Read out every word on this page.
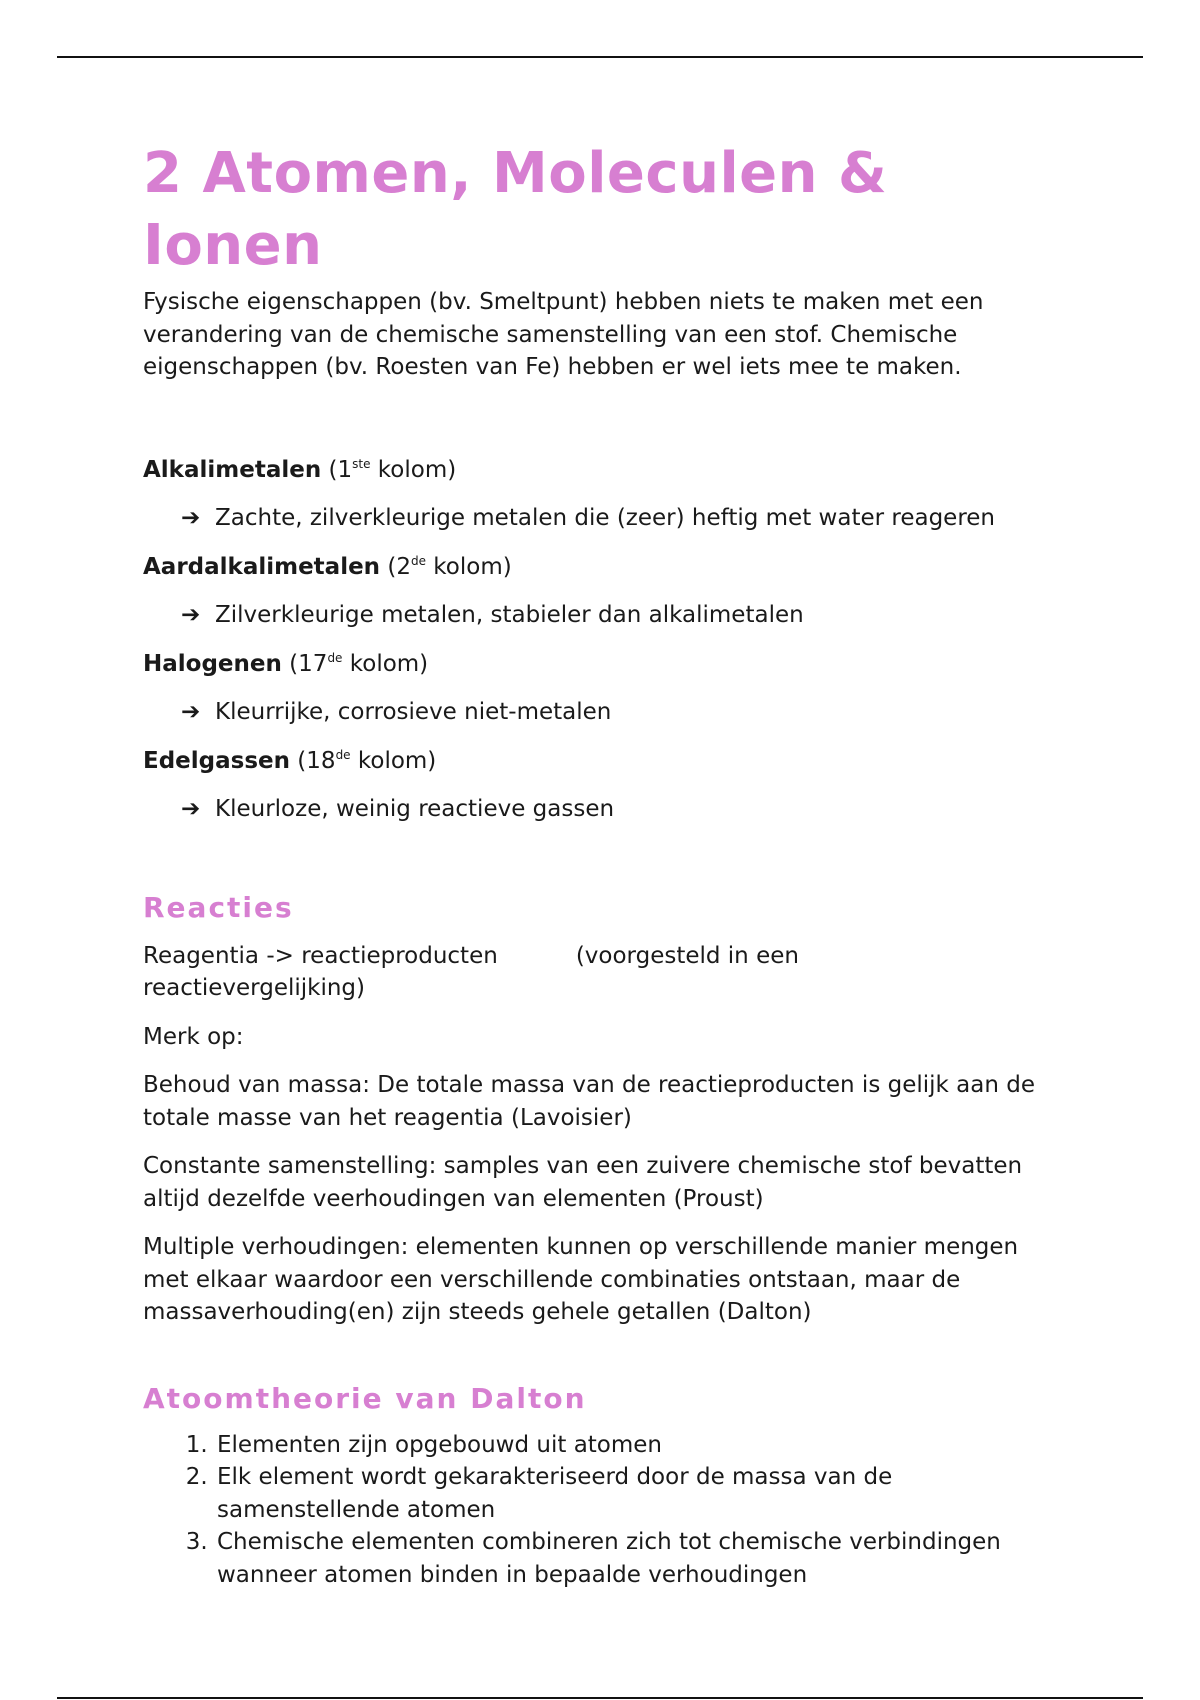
2 Atomen, Moleculen & Ionen

Fysische eigenschappen (bv. Smeltpunt) hebben niets te maken met een verandering van de chemische samenstelling van een stof. Chemische eigenschappen (bv. Roesten van Fe) hebben er wel iets mee te maken.

Alkalimetalen (1ste kolom)
➔ Zachte, zilverkleurige metalen die (zeer) heftig met water reageren
Aardalkalimetalen (2de kolom)
➔ Zilverkleurige metalen, stabieler dan alkalimetalen
Halogenen (17de kolom)
➔ Kleurrijke, corrosieve niet-metalen
Edelgassen (18de kolom)
➔ Kleurloze, weinig reactieve gassen
Reacties

Reagentia -> reactieproducten	(voorgesteld in een
reactievergelijking)

Merk op:

Behoud van massa: De totale massa van de reactieproducten is gelijk aan de totale masse van het reagentia (Lavoisier)

Constante samenstelling: samples van een zuivere chemische stof bevatten altijd dezelfde veerhoudingen van elementen (Proust)

Multiple verhoudingen: elementen kunnen op verschillende manier mengen met elkaar waardoor een verschillende combinaties ontstaan, maar de massaverhouding(en) zijn steeds gehele getallen (Dalton)

Atoomtheorie van Dalton
1. Elementen zijn opgebouwd uit atomen
2. Elk element wordt gekarakteriseerd door de massa van de samenstellende atomen
3. Chemische elementen combineren zich tot chemische verbindingen wanneer atomen binden in bepaalde verhoudingen
